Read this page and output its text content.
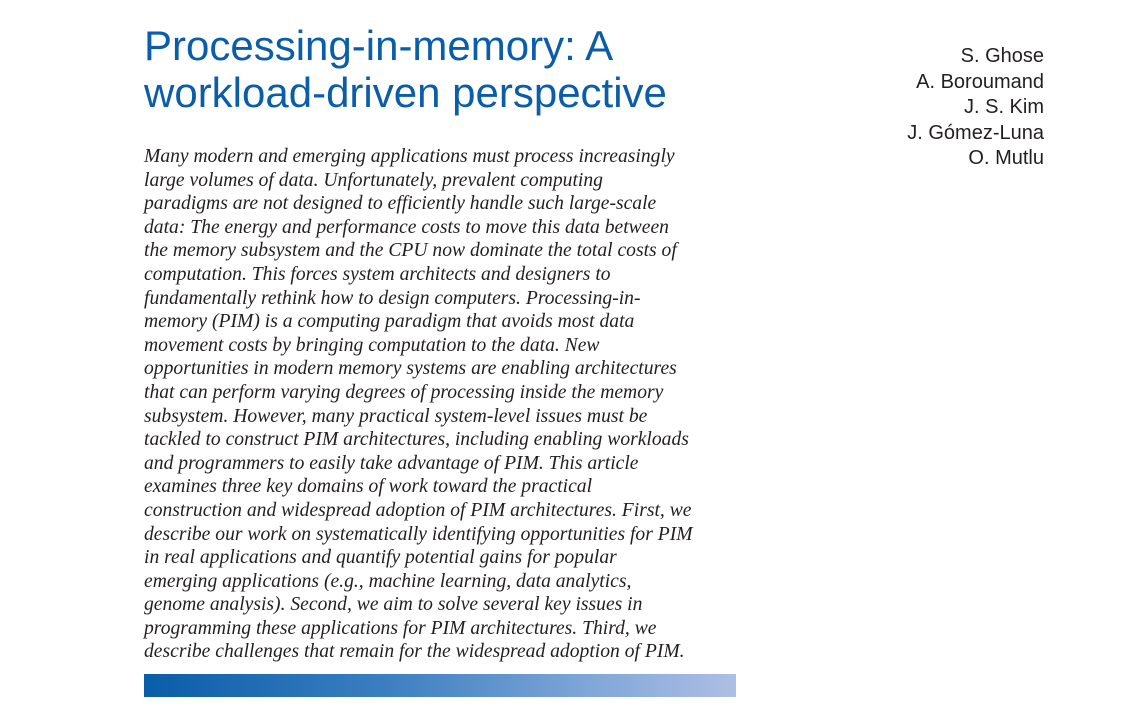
Processing-in-memory: A
workload-driven perspective
S. Ghose
A. Boroumand
J. S. Kim
J. Gómez-Luna
O. Mutlu
Many modern and emerging applications must process increasingly
large volumes of data. Unfortunately, prevalent computing
paradigms are not designed to efficiently handle such large-scale
data: The energy and performance costs to move this data between
the memory subsystem and the CPU now dominate the total costs of
computation. This forces system architects and designers to
fundamentally rethink how to design computers. Processing-in-
memory (PIM) is a computing paradigm that avoids most data
movement costs by bringing computation to the data. New
opportunities in modern memory systems are enabling architectures
that can perform varying degrees of processing inside the memory
subsystem. However, many practical system-level issues must be
tackled to construct PIM architectures, including enabling workloads
and programmers to easily take advantage of PIM. This article
examines three key domains of work toward the practical
construction and widespread adoption of PIM architectures. First, we
describe our work on systematically identifying opportunities for PIM
in real applications and quantify potential gains for popular
emerging applications (e.g., machine learning, data analytics,
genome analysis). Second, we aim to solve several key issues in
programming these applications for PIM architectures. Third, we
describe challenges that remain for the widespread adoption of PIM.
